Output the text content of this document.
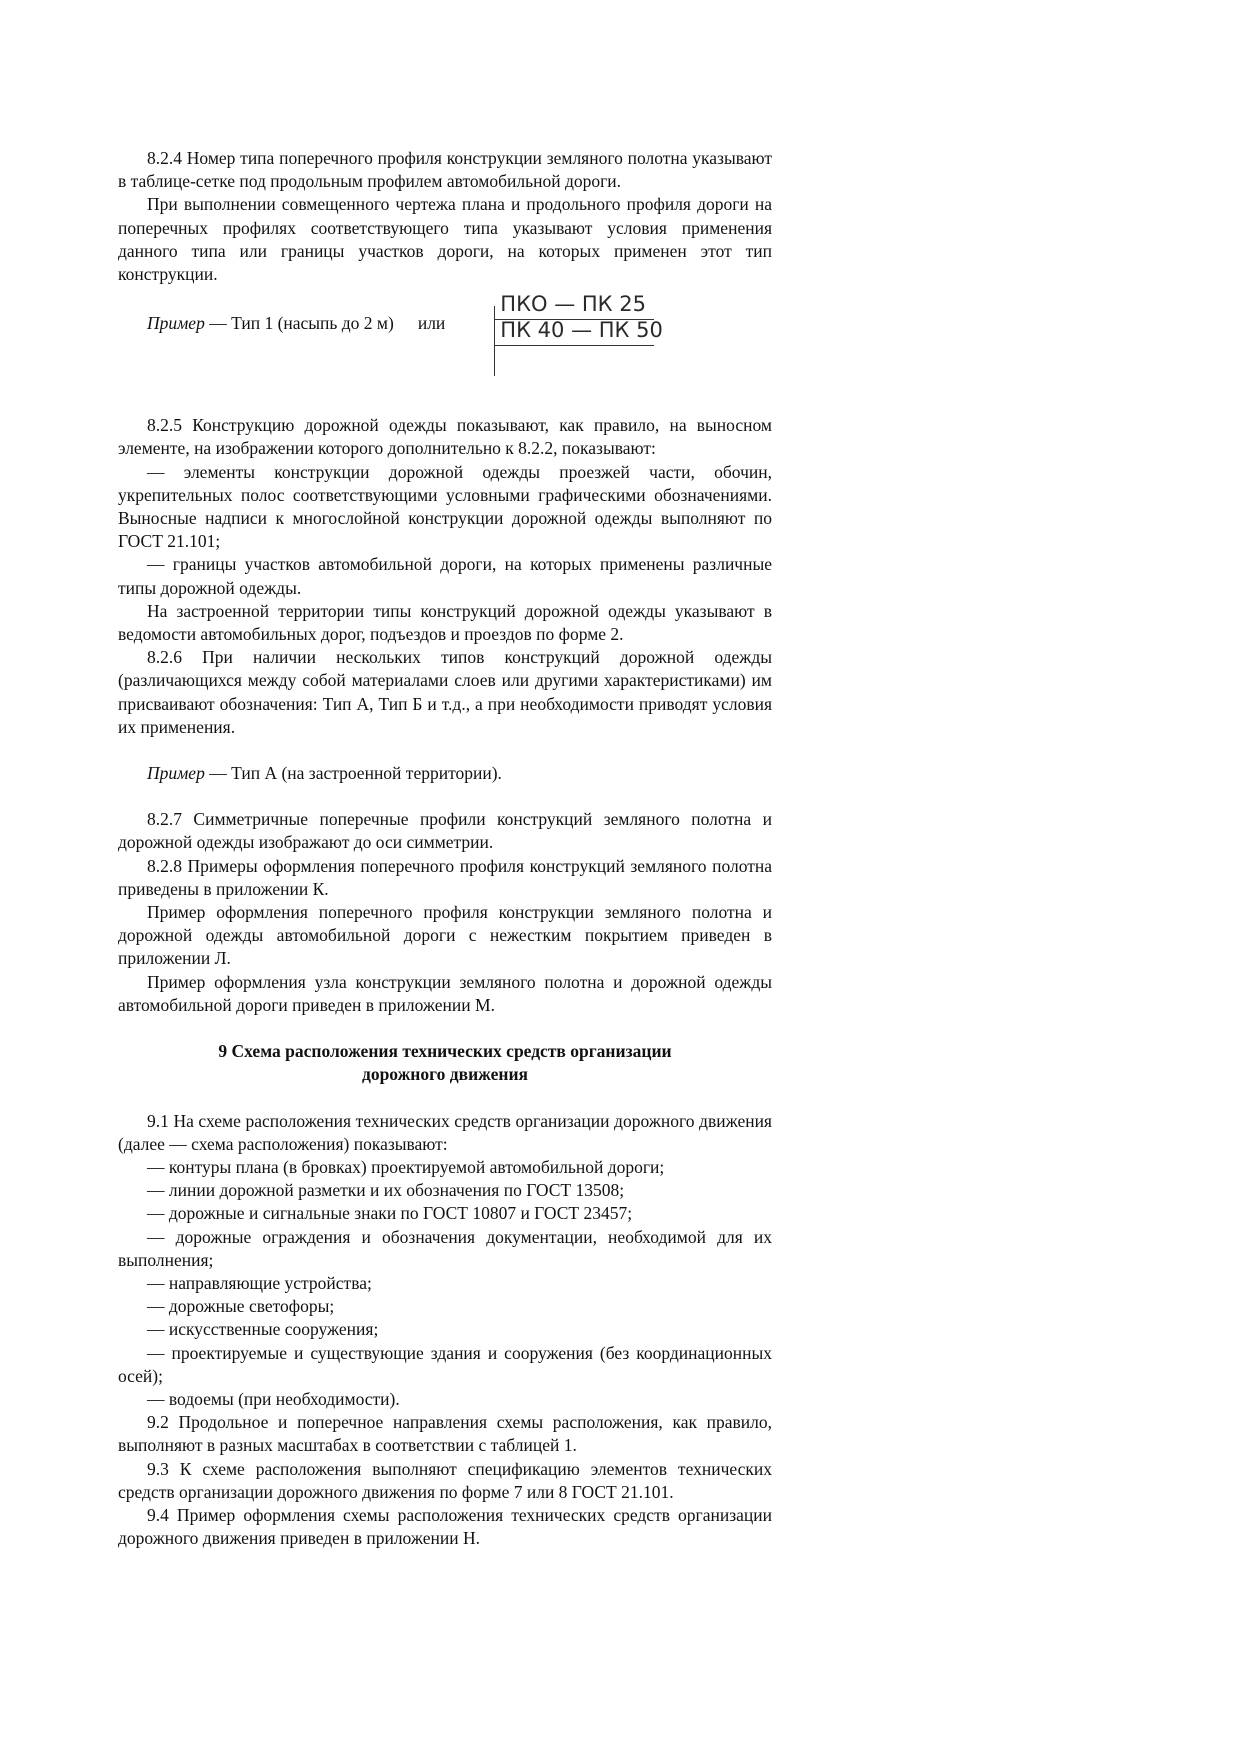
8.2.4 Номер типа поперечного профиля конструкции земляного полотна указывают в таблице-сетке под продольным профилем автомобильной дороги.

При выполнении совмещенного чертежа плана и продольного профиля дороги на поперечных профилях соответствующего типа указывают условия применения данного типа или границы участков дороги, на которых применен этот тип конструкции.

Пример — Тип 1 (насыпь до 2 м) или
ПКО — ПК 25
ПК 40 — ПК 50

8.2.5 Конструкцию дорожной одежды показывают, как правило, на выносном элементе, на изображении которого дополнительно к 8.2.2, показывают:

— элементы конструкции дорожной одежды проезжей части, обочин, укрепительных полос соответствующими условными графическими обозначениями. Выносные надписи к многослойной конструкции дорожной одежды выполняют по ГОСТ 21.101;

— границы участков автомобильной дороги, на которых применены различные типы дорожной одежды.

На застроенной территории типы конструкций дорожной одежды указывают в ведомости автомобильных дорог, подъездов и проездов по форме 2.

8.2.6 При наличии нескольких типов конструкций дорожной одежды (различающихся между собой материалами слоев или другими характеристиками) им присваивают обозначения: Тип А, Тип Б и т.д., а при необходимости приводят условия их применения.

Пример — Тип А (на застроенной территории).

8.2.7 Симметричные поперечные профили конструкций земляного полотна и дорожной одежды изображают до оси симметрии.

8.2.8 Примеры оформления поперечного профиля конструкций земляного полотна приведены в приложении К.

Пример оформления поперечного профиля конструкции земляного полотна и дорожной одежды автомобильной дороги с нежестким покрытием приведен в приложении Л.

Пример оформления узла конструкции земляного полотна и дорожной одежды автомобильной дороги приведен в приложении М.

9 Схема расположения технических средств организации
дорожного движения

9.1 На схеме расположения технических средств организации дорожного движения (далее — схема расположения) показывают:

— контуры плана (в бровках) проектируемой автомобильной дороги;

— линии дорожной разметки и их обозначения по ГОСТ 13508;

— дорожные и сигнальные знаки по ГОСТ 10807 и ГОСТ 23457;

— дорожные ограждения и обозначения документации, необходимой для их выполнения;

— направляющие устройства;

— дорожные светофоры;

— искусственные сооружения;

— проектируемые и существующие здания и сооружения (без координационных осей);

— водоемы (при необходимости).

9.2 Продольное и поперечное направления схемы расположения, как правило, выполняют в разных масштабах в соответствии с таблицей 1.

9.3 К схеме расположения выполняют спецификацию элементов технических средств организации дорожного движения по форме 7 или 8 ГОСТ 21.101.

9.4 Пример оформления схемы расположения технических средств организации дорожного движения приведен в приложении Н.
